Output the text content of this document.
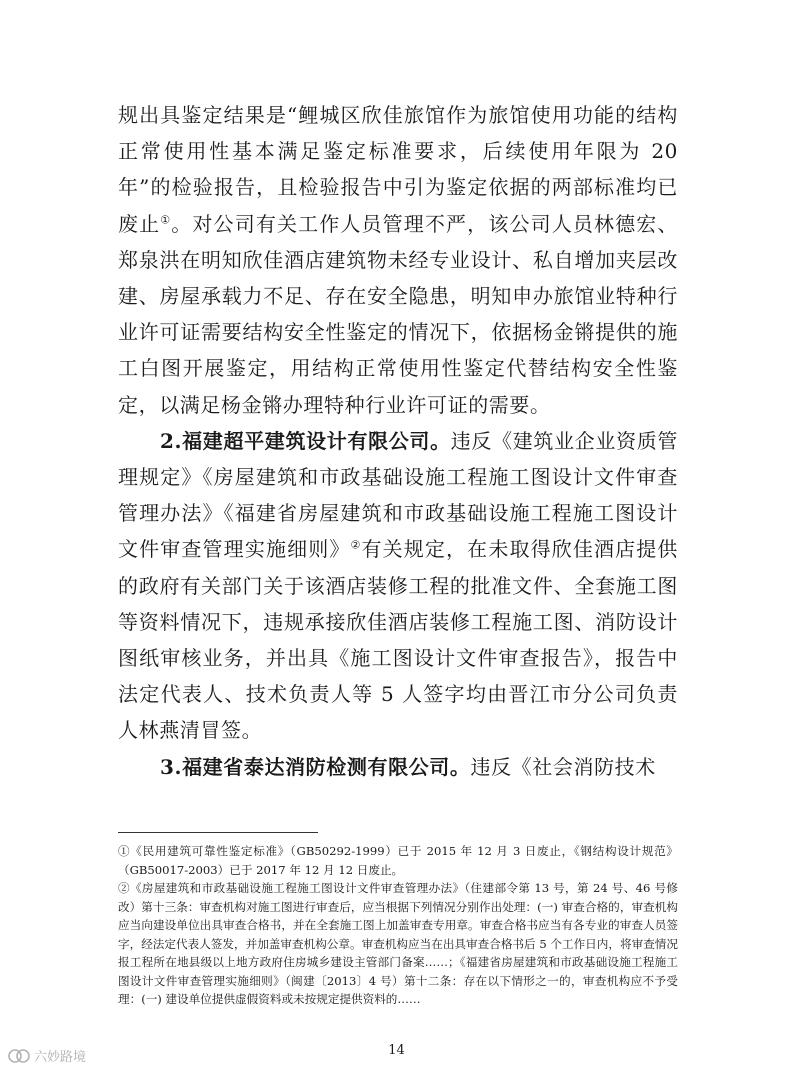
规出具鉴定结果是“鲤城区欣佳旅馆作为旅馆使用功能的结构正常使用性基本满足鉴定标准要求，后续使用年限为 20 年”的检验报告，且检验报告中引为鉴定依据的两部标准均已废止①。对公司有关工作人员管理不严，该公司人员林德宏、郑泉洪在明知欣佳酒店建筑物未经专业设计、私自增加夹层改建、房屋承载力不足、存在安全隐患，明知申办旅馆业特种行业许可证需要结构安全性鉴定的情况下，依据杨金锵提供的施工白图开展鉴定，用结构正常使用性鉴定代替结构安全性鉴定，以满足杨金锵办理特种行业许可证的需要。

2.福建超平建筑设计有限公司。违反《建筑业企业资质管理规定》《房屋建筑和市政基础设施工程施工图设计文件审查管理办法》《福建省房屋建筑和市政基础设施工程施工图设计文件审查管理实施细则》②有关规定，在未取得欣佳酒店提供的政府有关部门关于该酒店装修工程的批准文件、全套施工图等资料情况下，违规承接欣佳酒店装修工程施工图、消防设计图纸审核业务，并出具《施工图设计文件审查报告》，报告中法定代表人、技术负责人等 5 人签字均由晋江市分公司负责人林燕清冒签。

3.福建省泰达消防检测有限公司。违反《社会消防技术

①《民用建筑可靠性鉴定标准》（GB50292-1999）已于 2015 年 12 月 3 日废止，《钢结构设计规范》（GB50017-2003）已于 2017 年 12 月 12 日废止。

②《房屋建筑和市政基础设施工程施工图设计文件审查管理办法》（住建部令第 13 号，第 24 号、46 号修改）第十三条：审查机构对施工图进行审查后，应当根据下列情况分别作出处理：(一) 审查合格的，审查机构应当向建设单位出具审查合格书，并在全套施工图上加盖审查专用章。审查合格书应当有各专业的审查人员签字，经法定代表人签发，并加盖审查机构公章。审查机构应当在出具审查合格书后 5 个工作日内，将审查情况报工程所在地县级以上地方政府住房城乡建设主管部门备案……；《福建省房屋建筑和市政基础设施工程施工图设计文件审查管理实施细则》（闽建〔2013〕4 号）第十二条：存在以下情形之一的，审查机构应不予受理：(一) 建设单位提供虚假资料或未按规定提供资料的……

14
六妙路境
